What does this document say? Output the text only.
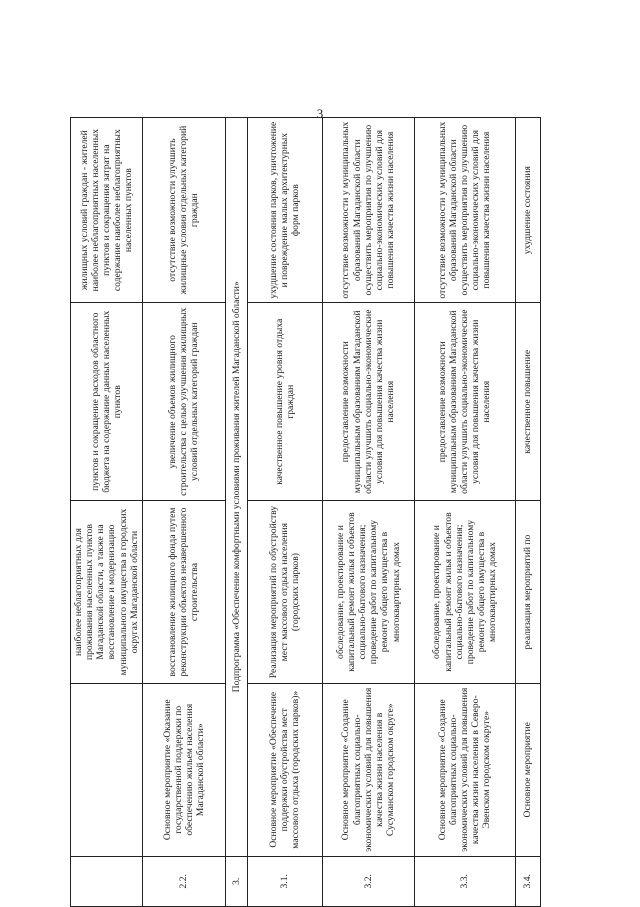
3
		наиболее неблагоприятных для проживания населенных пунктов Магаданской области, а также на восстановление и модернизацию муниципального имущества в городских округах Магаданской области	пунктов и сокращение расходов областного бюджета на содержание данных населенных пунктов	жилищных условий граждан - жителей наиболее неблагоприятных населенных пунктов и сокращения затрат на содержание наиболее неблагоприятных населенных пунктов
2.2.	Основное мероприятие «Оказание государственной поддержки по обеспечению жильем населения Магаданской области»	восстановление жилищного фонда путем реконструкции объектов незавершенного строительства	увеличение объемов жилищного строительства с целью улучшения жилищных условий отдельных категорий граждан	отсутствие возможности улучшить жилищные условия отдельных категорий граждан
3.	Подпрограмма «Обеспечение комфортными условиями проживания жителей Магаданской области»			
3.1.	Основное мероприятие «Обеспечение поддержки обустройства мест массового отдыха (городских парков)»	Реализация мероприятий по обустройству мест массового отдыха населения (городских парков)	качественное повышение уровня отдыха граждан	ухудшение состояния парков, уничтожение и повреждение малых архитектурных форм парков
3.2.	Основное мероприятие «Создание благоприятных социально-экономических условий для повышения качества жизни населения в Сусуманском городском округе»	обследование, проектирование и капитальный ремонт жилья и объектов социально-бытового назначения; проведение работ по капитальному ремонту общего имущества в многоквартирных домах	предоставление возможности муниципальным образованиям Магаданской области улучшить социально-экономические условия для повышения качества жизни населения	отсутствие возможности у муниципальных образований Магаданской области осуществить мероприятия по улучшению социально-экономических условий для повышения качества жизни населения
3.3.	Основное мероприятие «Создание благоприятных социально-экономических условий для повышения качества жизни населения в Северо-Эвенском городском округе»	обследование, проектирование и капитальный ремонт жилья и объектов социально-бытового назначения; проведение работ по капитальному ремонту общего имущества в многоквартирных домах	предоставление возможности муниципальным образованиям Магаданской области улучшить социально-экономические условия для повышения качества жизни населения	отсутствие возможности у муниципальных образований Магаданской области осуществить мероприятия по улучшению социально-экономических условий для повышения качества жизни населения
3.4.	Основное мероприятие	реализация мероприятий по	качественное повышение	ухудшение состояния
